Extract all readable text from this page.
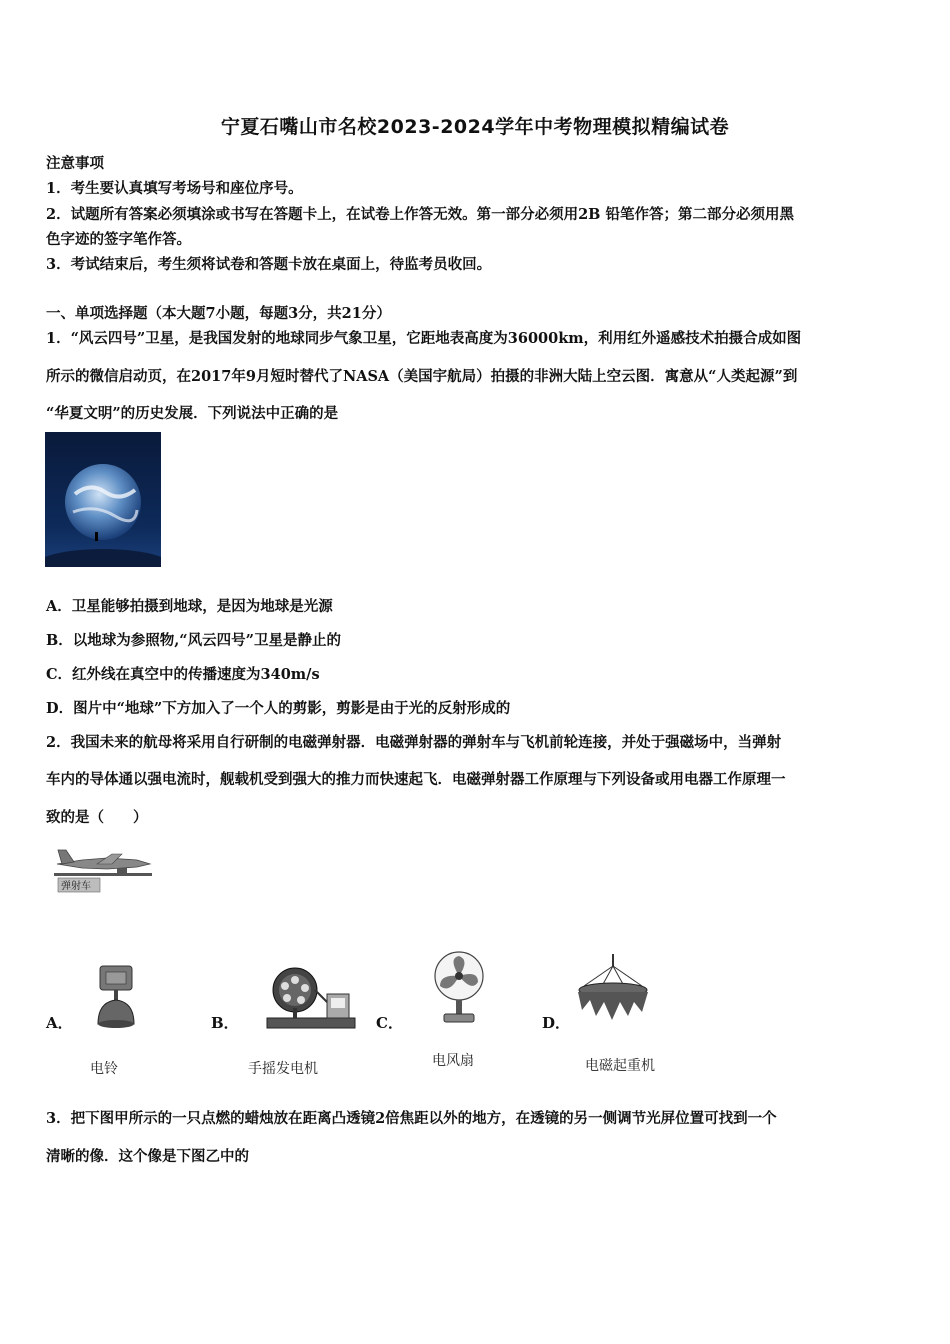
宁夏石嘴山市名校2023-2024学年中考物理模拟精编试卷
注意事项
1．考生要认真填写考场号和座位序号。
2．试题所有答案必须填涂或书写在答题卡上，在试卷上作答无效。第一部分必须用2B 铅笔作答；第二部分必须用黑
色字迹的签字笔作答。
3．考试结束后，考生须将试卷和答题卡放在桌面上，待监考员收回。
一、单项选择题（本大题7小题，每题3分，共21分）
1．“风云四号”卫星，是我国发射的地球同步气象卫星，它距地表高度为36000km，利用红外遥感技术拍摄合成如图
所示的微信启动页，在2017年9月短时替代了NASA（美国宇航局）拍摄的非洲大陆上空云图．寓意从“人类起源”到
“华夏文明”的历史发展．下列说法中正确的是
A．卫星能够拍摄到地球，是因为地球是光源
B．以地球为参照物,“风云四号”卫星是静止的
C．红外线在真空中的传播速度为340m/s
D．图片中“地球”下方加入了一个人的剪影，剪影是由于光的反射形成的
2．我国未来的航母将采用自行研制的电磁弹射器．电磁弹射器的弹射车与飞机前轮连接，并处于强磁场中，当弹射
车内的导体通以强电流时，舰载机受到强大的推力而快速起飞．电磁弹射器工作原理与下列设备或用电器工作原理一
致的是（　　）
弹射车
A．
电铃
B．
手摇发电机
C．
电风扇
D．
电磁起重机
3．把下图甲所示的一只点燃的蜡烛放在距离凸透镜2倍焦距以外的地方，在透镜的另一侧调节光屏位置可找到一个
清晰的像．这个像是下图乙中的
